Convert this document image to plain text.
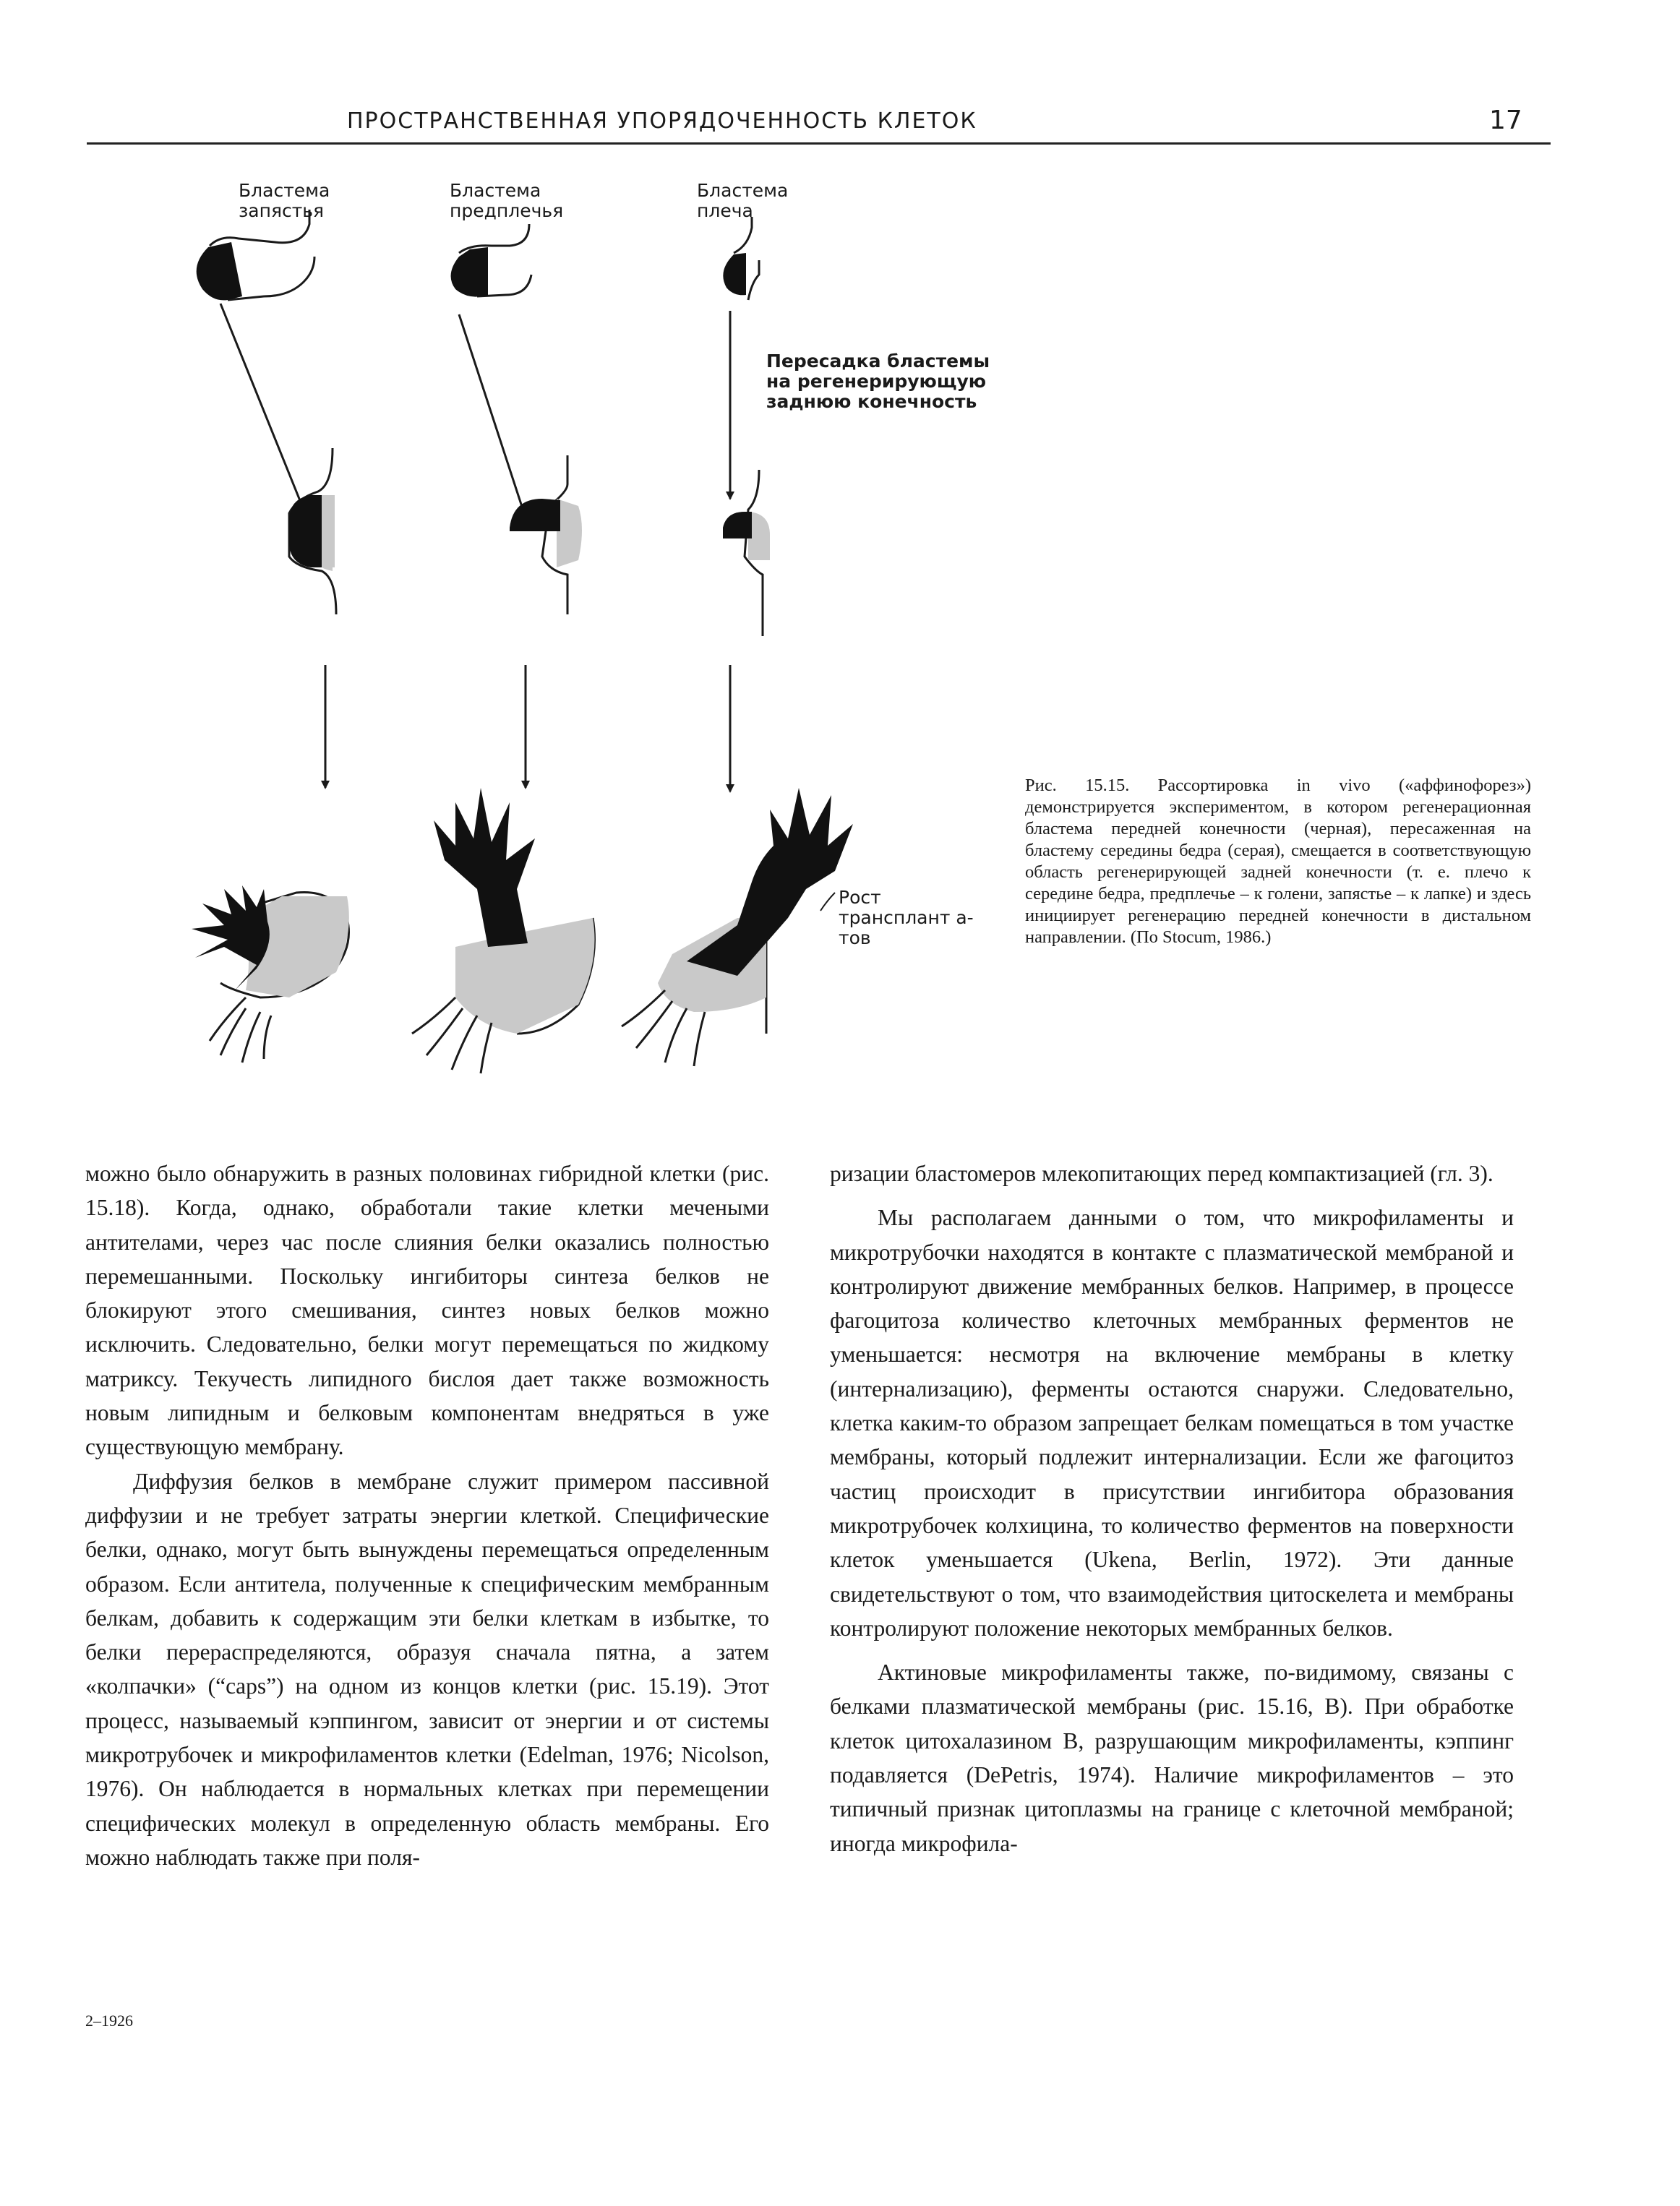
ПРОСТРАНСТВЕННАЯ УПОРЯДОЧЕННОСТЬ КЛЕТОК	17
Бластема
запястья
Бластема
предплечья
Бластема
плеча
Пересадка бластемы
на регенерирующую
заднюю конечность
Рост
трансплант а-
тов
Рис. 15.15. Рассортировка in vivo («аффинофорез») демонстрируется экспериментом, в котором регенерационная бластема передней конечности (черная), пересаженная на бластему середины бедра (серая), смещается в соответствующую область регенерирующей задней конечности (т. е. плечо к середине бедра, предплечье – к голени, запястье – к лапке) и здесь инициирует регенерацию передней конечности в дистальном направлении. (По Stocum, 1986.)

можно было обнаружить в разных половинах гибридной клетки (рис. 15.18). Когда, однако, обработали такие клетки мечеными антителами, через час после слияния белки оказались полностью перемешанными. Поскольку ингибиторы синтеза белков не блокируют этого смешивания, синтез новых белков можно исключить. Следовательно, белки могут перемещаться по жидкому матриксу. Текучесть липидного бислоя дает также возможность новым липидным и белковым компонентам внедряться в уже существующую мембрану.

Диффузия белков в мембране служит примером пассивной диффузии и не требует затраты энергии клеткой. Специфические белки, однако, могут быть вынуждены перемещаться определенным образом. Если антитела, полученные к специфическим мембранным белкам, добавить к содержащим эти белки клеткам в избытке, то белки перераспределяются, образуя сначала пятна, а затем «колпачки» (“caps”) на одном из концов клетки (рис. 15.19). Этот процесс, называемый кэппингом, зависит от энергии и от системы микротрубочек и микрофиламентов клетки (Edelman, 1976; Nicolson, 1976). Он наблюдается в нормальных клетках при перемещении специфических молекул в определенную область мембраны. Его можно наблюдать также при поля-

ризации бластомеров млекопитающих перед компактизацией (гл. 3).

Мы располагаем данными о том, что микрофиламенты и микротрубочки находятся в контакте с плазматической мембраной и контролируют движение мембранных белков. Например, в процессе фагоцитоза количество клеточных мембранных ферментов не уменьшается: несмотря на включение мембраны в клетку (интернализацию), ферменты остаются снаружи. Следовательно, клетка каким-то образом запрещает белкам помещаться в том участке мембраны, который подлежит интернализации. Если же фагоцитоз частиц происходит в присутствии ингибитора образования микротрубочек колхицина, то количество ферментов на поверхности клеток уменьшается (Ukena, Berlin, 1972). Эти данные свидетельствуют о том, что взаимодействия цитоскелета и мембраны контролируют положение некоторых мембранных белков.

Актиновые микрофиламенты также, по-видимому, связаны с белками плазматической мембраны (рис. 15.16, B). При обработке клеток цитохалазином B, разрушающим микрофиламенты, кэппинг подавляется (DePetris, 1974). Наличие микрофиламентов – это типичный признак цитоплазмы на границе с клеточной мембраной; иногда микрофила-

2–1926
